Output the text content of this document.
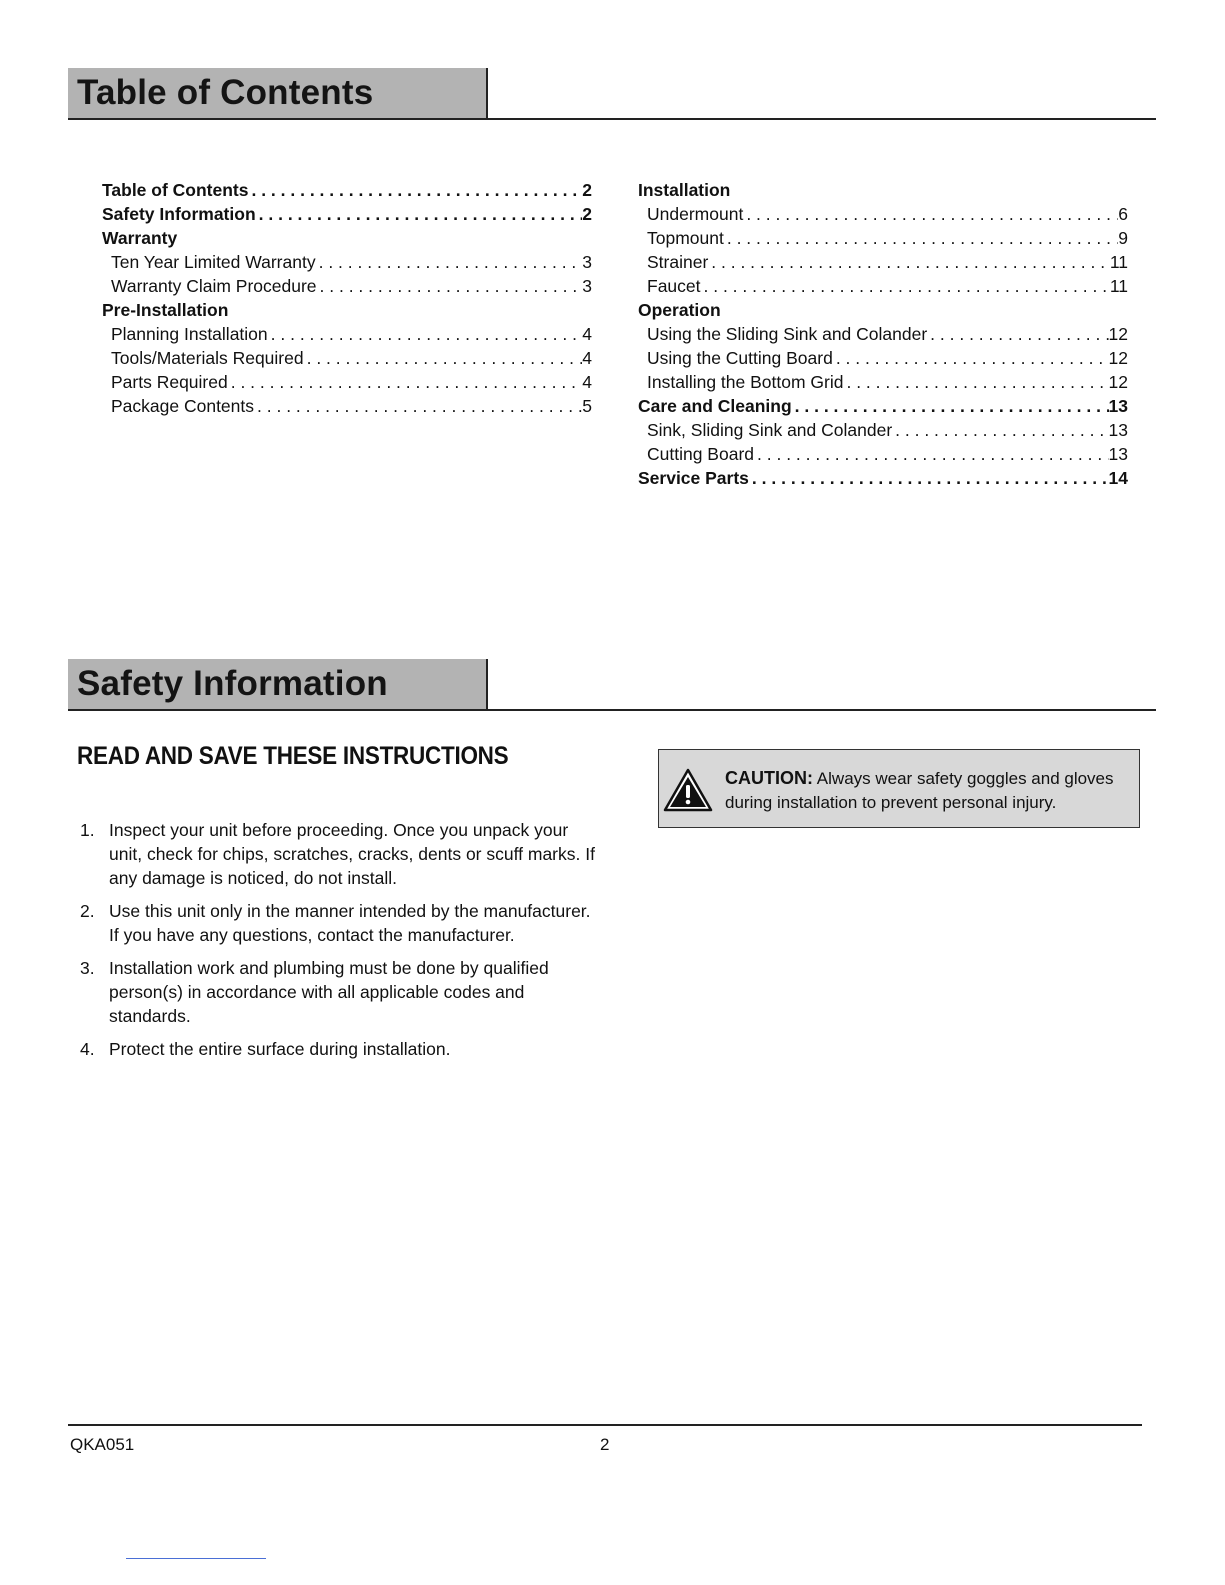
Table of Contents
Table of Contents . . .	2
Safety Information . . .	2
Warranty
Ten Year Limited Warranty . . .	3
Warranty Claim Procedure . . .	3
Pre-Installation
Planning Installation . . .	4
Tools/Materials Required . . .	4
Parts Required . . .	4
Package Contents . . .	5
Installation
Undermount . . .	6
Topmount . . .	9
Strainer . . .	11
Faucet . . .	11
Operation
Using the Sliding Sink and Colander . . .	12
Using the Cutting Board . . .	12
Installing the Bottom Grid . . .	12
Care and Cleaning . . .	13
Sink, Sliding Sink and Colander . . .	13
Cutting Board . . .	13
Service Parts . . .	14
Safety Information
READ AND SAVE THESE INSTRUCTIONS
1. Inspect your unit before proceeding. Once you unpack your unit, check for chips, scratches, cracks, dents or scuff marks. If any damage is noticed, do not install.
2. Use this unit only in the manner intended by the manufacturer. If you have any questions, contact the manufacturer.
3. Installation work and plumbing must be done by qualified person(s) in accordance with all applicable codes and standards.
4. Protect the entire surface during installation.
CAUTION: Always wear safety goggles and gloves during installation to prevent personal injury.
QKA051	2
